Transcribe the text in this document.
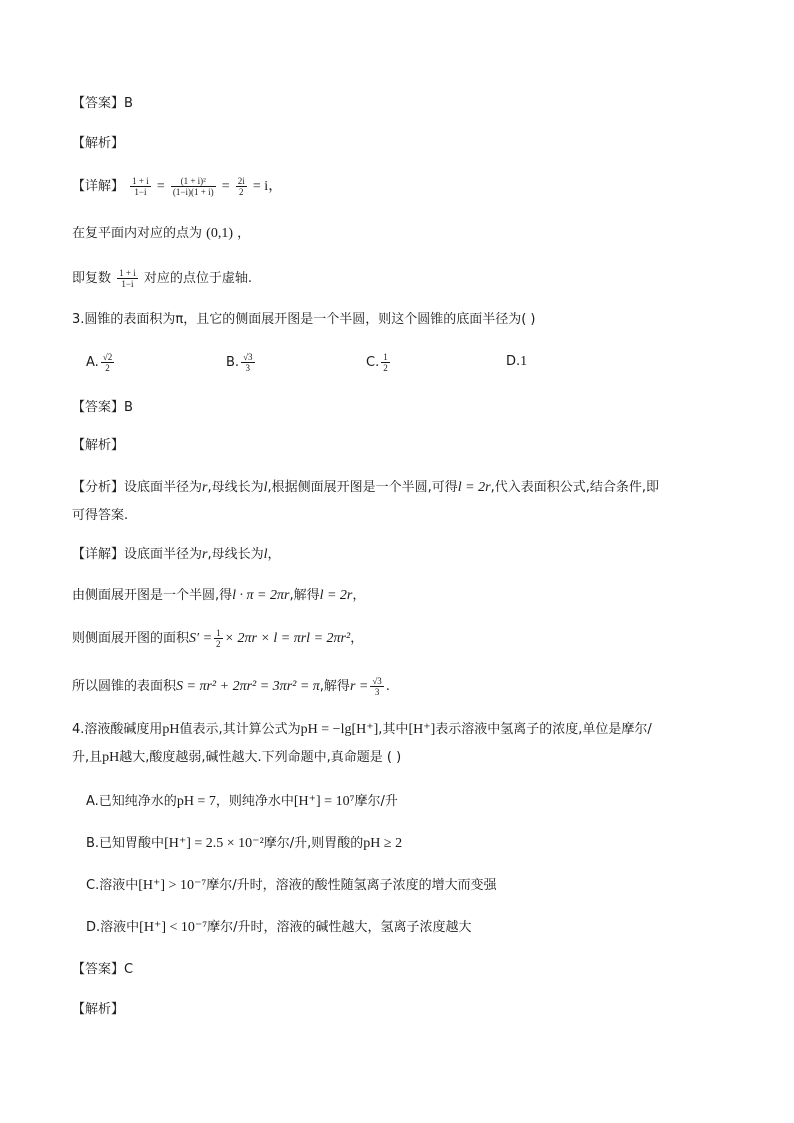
【答案】B
【解析】
【详解】 $\frac{1 + i}{1-i} = \frac{\text{(1 + i)²}}{(1-i)(1 + i)} = \frac{2i}{2} = i$，
在复平面内对应的点为 (0,1) ，
即复数 $\frac{1 + i}{1-i}$ 对应的点位于虚轴.
3.圆锥的表面积为π，且它的侧面展开图是一个半圆，则这个圆锥的底面半径为( )
A. $\frac{√2}{2}$	B. $\frac{√3}{3}$	C. $\frac{1}{2}$	D.1
【答案】B
【解析】
【分析】设底面半径为r,母线长为l,根据侧面展开图是一个半圆,可得l = 2r,代入表面积公式,结合条件,即
可得答案.
【详解】设底面半径为r,母线长为l，
由侧面展开图是一个半圆,得l · π = 2πr,解得l = 2r，
则侧面展开图的面积$S' = \frac{1}{2} \times 2\pi r \times l = \pi rl = 2\pi r^2$，
所以圆锥的表面积S = πr² + 2πr² = 3πr² = π,解得$r = \frac{√3}{3}$ .
4.溶液酸碱度用pH值表示,其计算公式为pH = −lg[H⁺],其中[H⁺]表示溶液中氢离子的浓度,单位是摩尔/
升,且pH越大,酸度越弱,碱性越大.下列命题中,真命题是 ( )
A.已知纯净水的pH = 7，则纯净水中[H⁺] = 10⁷摩尔/升
B.已知胃酸中[H⁺] = 2.5 × 10⁻²摩尔/升,则胃酸的pH ≥ 2
C.溶液中[H⁺] > 10⁻⁷摩尔/升时，溶液的酸性随氢离子浓度的增大而变强
D.溶液中[H⁺] < 10⁻⁷摩尔/升时，溶液的碱性越大，氢离子浓度越大
【答案】C
【解析】
